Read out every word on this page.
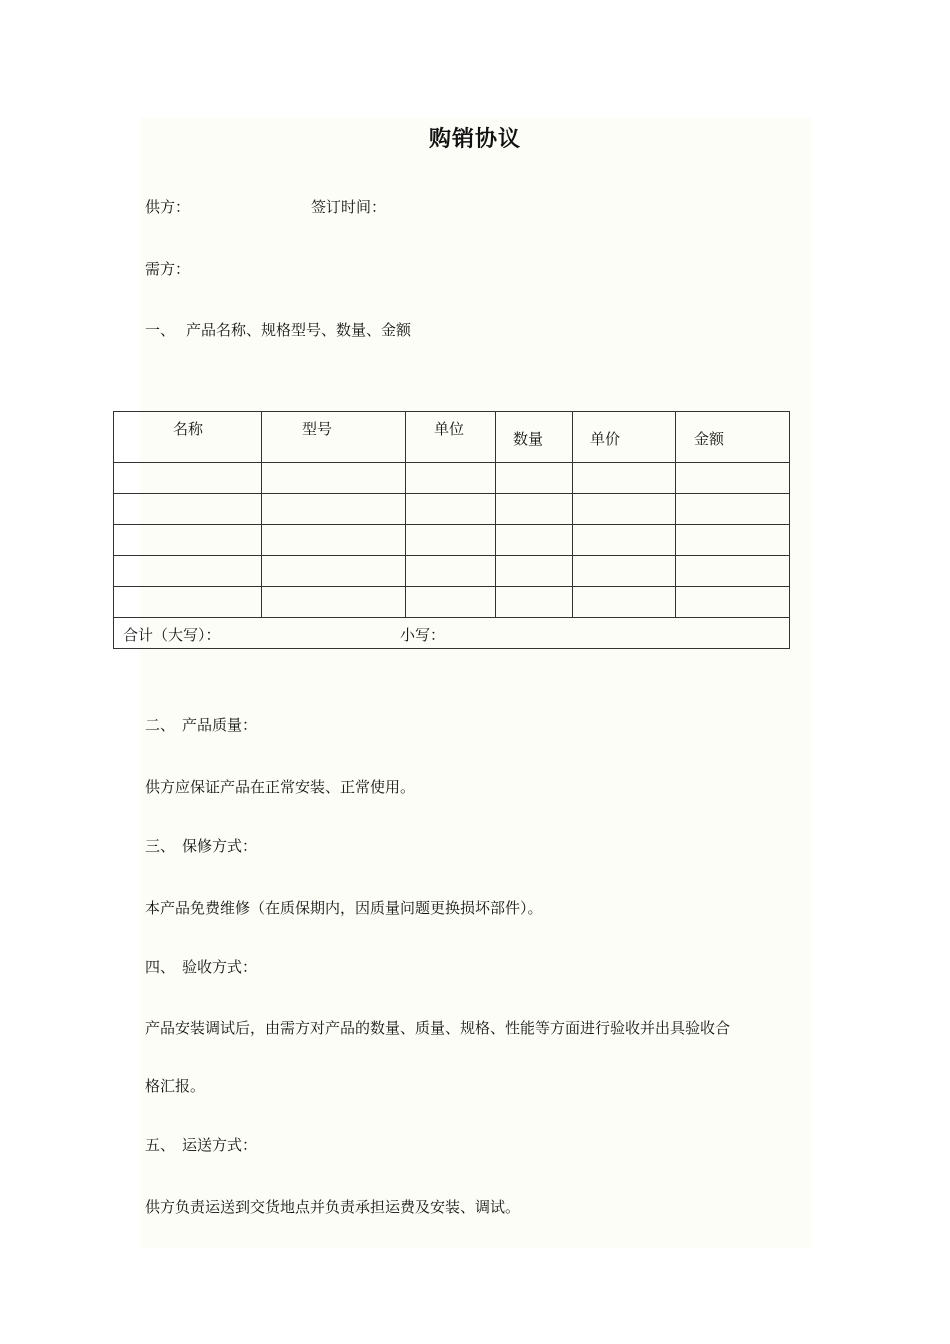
购销协议
供方：	签订时间：
需方：
一、 产品名称、规格型号、数量、金额
名称	型号	单位	数量	单价	金额

合计（大写）： 小写：					
二、 产品质量：
供方应保证产品在正常安装、正常使用。
三、 保修方式：
本产品免费维修（在质保期内，因质量问题更换损坏部件）。
四、 验收方式：
产品安装调试后，由需方对产品的数量、质量、规格、性能等方面进行验收并出具验收合
格汇报。
五、 运送方式：
供方负责运送到交货地点并负责承担运费及安装、调试。
